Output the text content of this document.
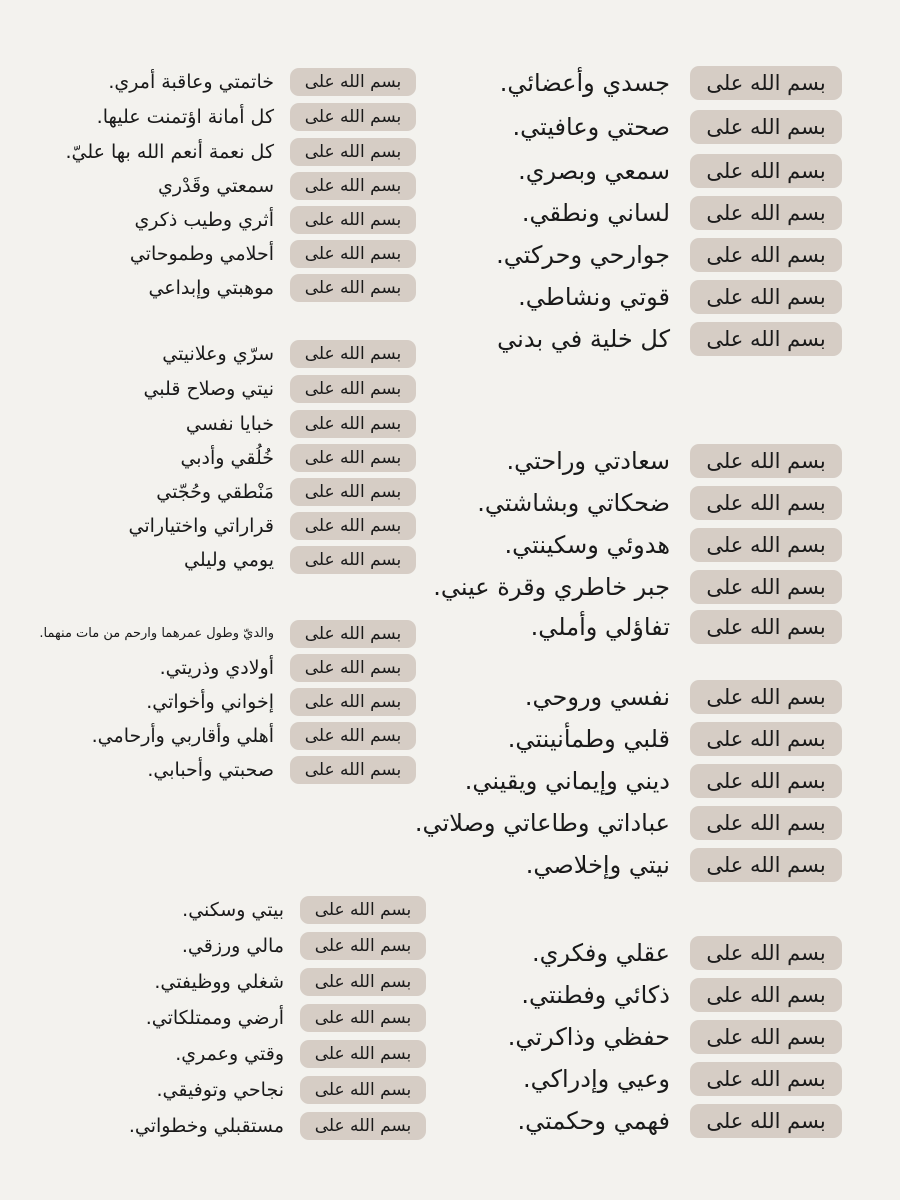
بسم الله على
جسدي وأعضائي.
بسم الله على
صحتي وعافيتي.
بسم الله على
سمعي وبصري.
بسم الله على
لساني ونطقي.
بسم الله على
جوارحي وحركتي.
بسم الله على
قوتي ونشاطي.
بسم الله على
كل خلية في بدني
بسم الله على
سعادتي وراحتي.
بسم الله على
ضحكاتي وبشاشتي.
بسم الله على
هدوئي وسكينتي.
بسم الله على
جبر خاطري وقرة عيني.
بسم الله على
تفاؤلي وأملي.
بسم الله على
نفسي وروحي.
بسم الله على
قلبي وطمأنينتي.
بسم الله على
ديني وإيماني ويقيني.
بسم الله على
عباداتي وطاعاتي وصلاتي.
بسم الله على
نيتي وإخلاصي.
بسم الله على
عقلي وفكري.
بسم الله على
ذكائي وفطنتي.
بسم الله على
حفظي وذاكرتي.
بسم الله على
وعيي وإدراكي.
بسم الله على
فهمي وحكمتي.
بسم الله على
خاتمتي وعاقبة أمري.
بسم الله على
كل أمانة اؤتمنت عليها.
بسم الله على
كل نعمة أنعم الله بها عليّ.
بسم الله على
سمعتي وقَدْري
بسم الله على
أثري وطيب ذكري
بسم الله على
أحلامي وطموحاتي
بسم الله على
موهبتي وإبداعي
بسم الله على
سرّي وعلانيتي
بسم الله على
نيتي وصلاح قلبي
بسم الله على
خبايا نفسي
بسم الله على
خُلُقي وأدبي
بسم الله على
مَنْطقي وحُجّتي
بسم الله على
قراراتي واختياراتي
بسم الله على
يومي وليلي
بسم الله على
والديّ وطول عمرهما وارحم من مات منهما.
بسم الله على
أولادي وذريتي.
بسم الله على
إخواني وأخواتي.
بسم الله على
أهلي وأقاربي وأرحامي.
بسم الله على
صحبتي وأحبابي.
بسم الله على
بيتي وسكني.
بسم الله على
مالي ورزقي.
بسم الله على
شغلي ووظيفتي.
بسم الله على
أرضي وممتلكاتي.
بسم الله على
وقتي وعمري.
بسم الله على
نجاحي وتوفيقي.
بسم الله على
مستقبلي وخطواتي.
